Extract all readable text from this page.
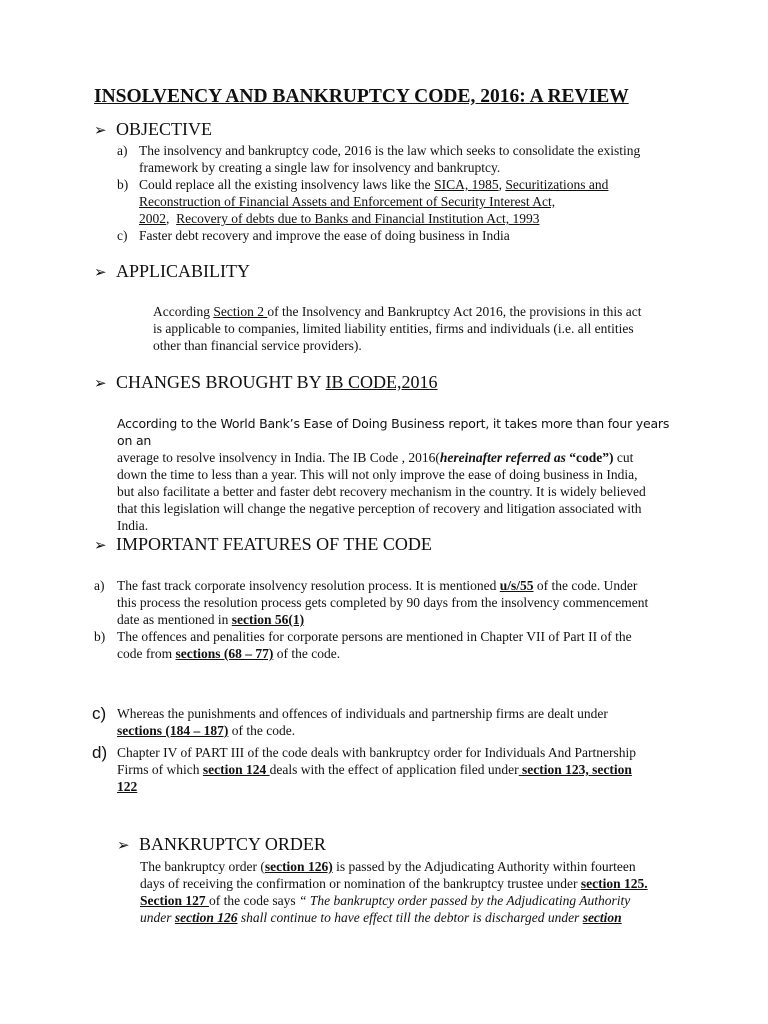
INSOLVENCY AND BANKRUPTCY CODE, 2016: A REVIEW
➢ OBJECTIVE
a) The insolvency and bankruptcy code, 2016 is the law which seeks to consolidate the existing
framework by creating a single law for insolvency and bankruptcy.
b) Could replace all the existing insolvency laws like the SICA, 1985, Securitizations and
Reconstruction of Financial Assets and Enforcement of Security Interest Act,
2002,  Recovery of debts due to Banks and Financial Institution Act, 1993
c) Faster debt recovery and improve the ease of doing business in India
➢ APPLICABILITY
According Section 2 of the Insolvency and Bankruptcy Act 2016, the provisions in this act
is applicable to companies, limited liability entities, firms and individuals (i.e. all entities
other than financial service providers).
➢ CHANGES BROUGHT BY IB CODE,2016
According to the World Bank’s Ease of Doing Business report, it takes more than four years on an
average to resolve insolvency in India. The IB Code , 2016(hereinafter referred as “code”) cut
down the time to less than a year. This will not only improve the ease of doing business in India,
but also facilitate a better and faster debt recovery mechanism in the country. It is widely believed
that this legislation will change the negative perception of recovery and litigation associated with
India.
➢ IMPORTANT FEATURES OF THE CODE
a) The fast track corporate insolvency resolution process. It is mentioned u/s/55 of the code. Under
this process the resolution process gets completed by 90 days from the insolvency commencement
date as mentioned in section 56(1)
b) The offences and penalities for corporate persons are mentioned in Chapter VII of Part II of the
code from sections (68 – 77) of the code.
c) Whereas the punishments and offences of individuals and partnership firms are dealt under
sections (184 – 187) of the code.
d) Chapter IV of PART III of the code deals with bankruptcy order for Individuals And Partnership
Firms of which section 124 deals with the effect of application filed under section 123, section
122
➢ BANKRUPTCY ORDER
The bankruptcy order (section 126) is passed by the Adjudicating Authority within fourteen
days of receiving the confirmation or nomination of the bankruptcy trustee under section 125.
Section 127 of the code says “ The bankruptcy order passed by the Adjudicating Authority
under section 126 shall continue to have effect till the debtor is discharged under section
